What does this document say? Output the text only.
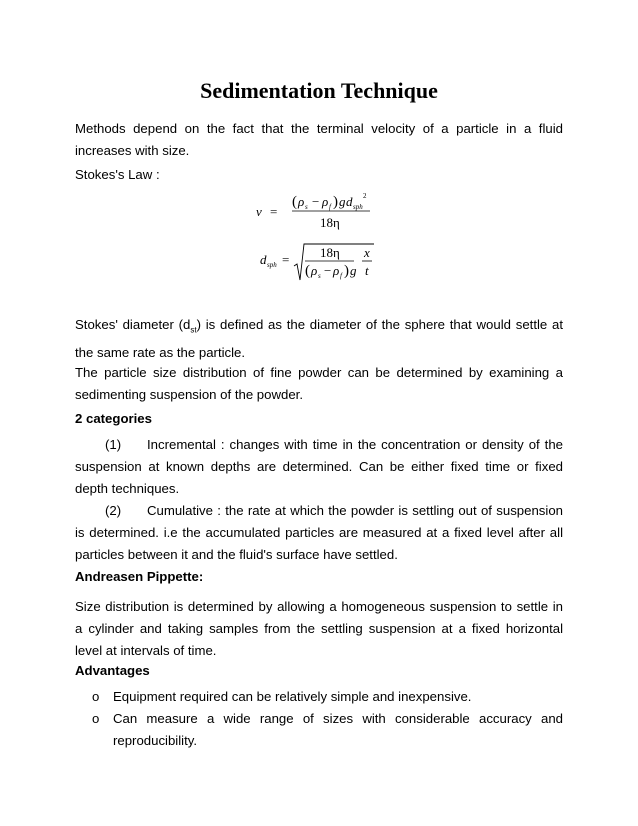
Sedimentation Technique
Methods depend on the fact that the terminal velocity of a particle in a fluid increases with size.
Stokes's Law :
v =
( ρ s − ρ f ) g d sph
2
18η
d sph = 18η
( ρ s − ρ f ) g
x
t
Stokes' diameter $(d_{st})$ is defined as the diameter of the sphere that would settle at the same rate as the particle.
The particle size distribution of fine powder can be determined by examining a sedimenting suspension of the powder.
2 categories
(1) Incremental : changes with time in the concentration or density of the suspension at known depths are determined. Can be either fixed time or fixed depth techniques.
(2) Cumulative : the rate at which the powder is settling out of suspension is determined. i.e the accumulated particles are measured at a fixed level after all particles between it and the fluid's surface have settled.
Andreasen Pippette:
Size distribution is determined by allowing a homogeneous suspension to settle in a cylinder and taking samples from the settling suspension at a fixed horizontal level at intervals of time.
Advantages
o	Equipment required can be relatively simple and inexpensive.
o	Can measure a wide range of sizes with considerable accuracy and reproducibility.
